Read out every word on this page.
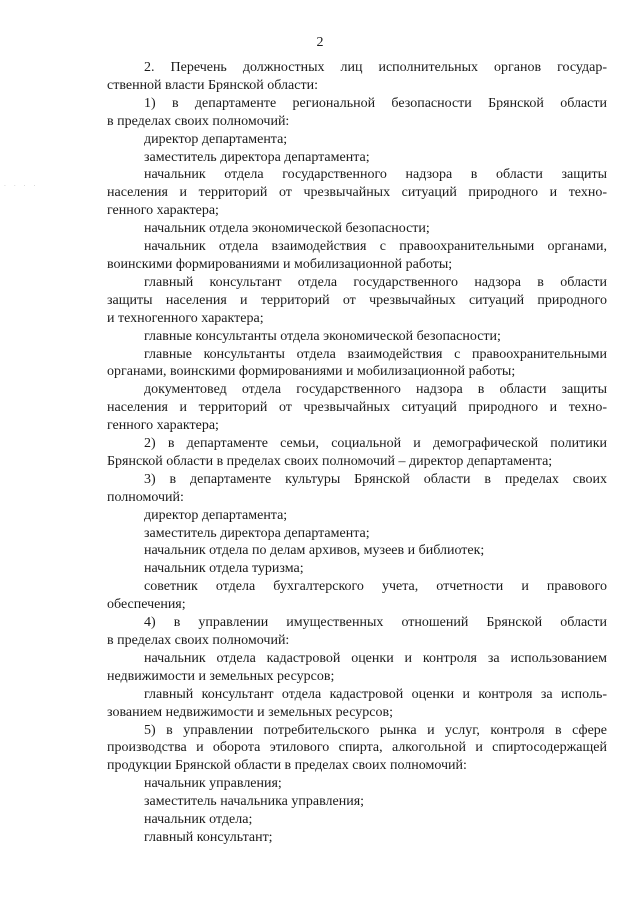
2
· · · ·
2. Перечень должностных лиц исполнительных органов государ-
ственной власти Брянской области:
1) в департаменте региональной безопасности Брянской области
в пределах своих полномочий:
директор департамента;
заместитель директора департамента;
начальник отдела государственного надзора в области защиты
населения и территорий от чрезвычайных ситуаций природного и техно-
генного характера;
начальник отдела экономической безопасности;
начальник отдела взаимодействия с правоохранительными органами,
воинскими формированиями и мобилизационной работы;
главный консультант отдела государственного надзора в области
защиты населения и территорий от чрезвычайных ситуаций природного
и техногенного характера;
главные консультанты отдела экономической безопасности;
главные консультанты отдела взаимодействия с правоохранительными
органами, воинскими формированиями и мобилизационной работы;
документовед отдела государственного надзора в области защиты
населения и территорий от чрезвычайных ситуаций природного и техно-
генного характера;
2) в департаменте семьи, социальной и демографической политики
Брянской области в пределах своих полномочий – директор департамента;
3) в департаменте культуры Брянской области в пределах своих
полномочий:
директор департамента;
заместитель директора департамента;
начальник отдела по делам архивов, музеев и библиотек;
начальник отдела туризма;
советник отдела бухгалтерского учета, отчетности и правового
обеспечения;
4) в управлении имущественных отношений Брянской области
в пределах своих полномочий:
начальник отдела кадастровой оценки и контроля за использованием
недвижимости и земельных ресурсов;
главный консультант отдела кадастровой оценки и контроля за исполь-
зованием недвижимости и земельных ресурсов;
5) в управлении потребительского рынка и услуг, контроля в сфере
производства и оборота этилового спирта, алкогольной и спиртосодержащей
продукции Брянской области в пределах своих полномочий:
начальник управления;
заместитель начальника управления;
начальник отдела;
главный консультант;
